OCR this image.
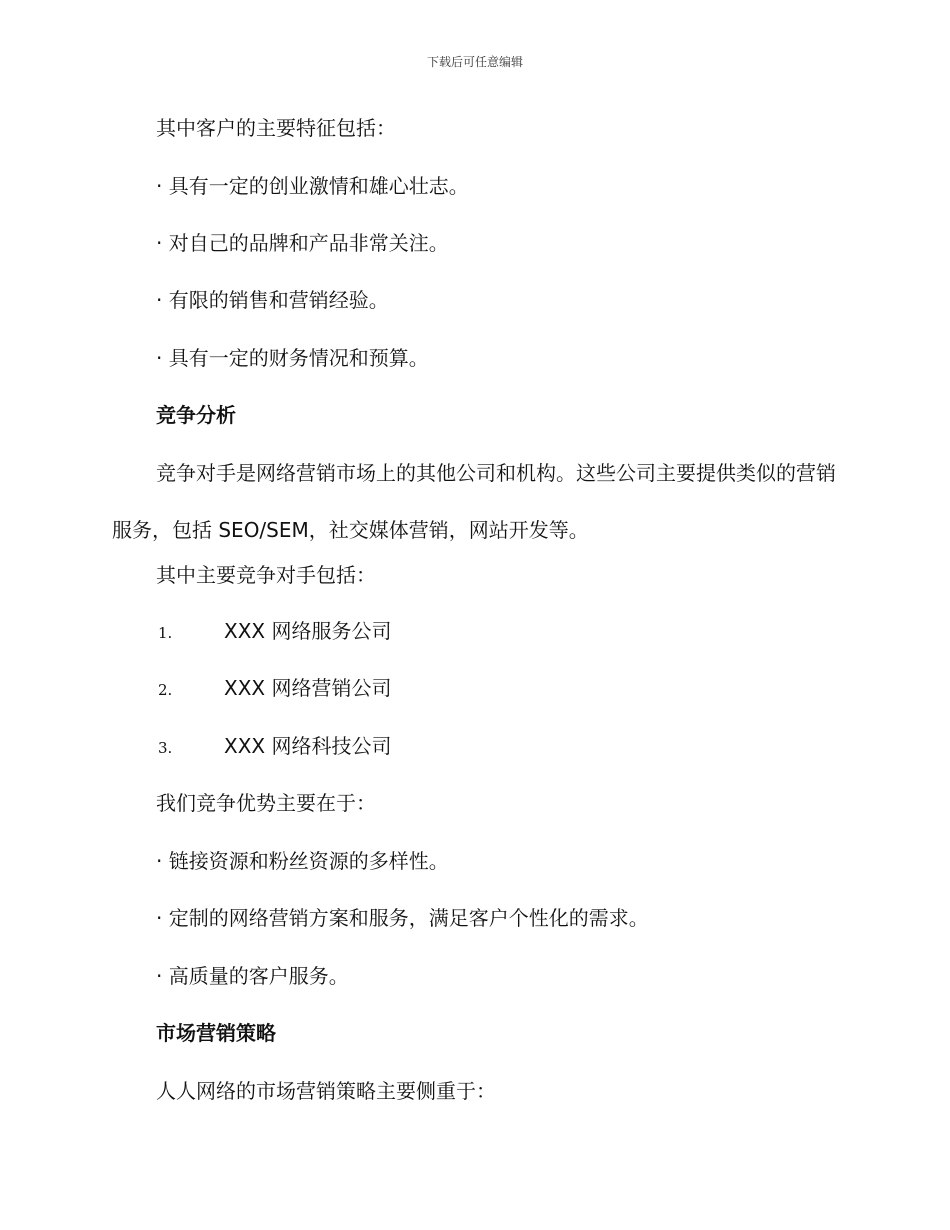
下载后可任意编辑
其中客户的主要特征包括：
· 具有一定的创业激情和雄心壮志。
· 对自己的品牌和产品非常关注。
· 有限的销售和营销经验。
· 具有一定的财务情况和预算。
竞争分析
竞争对手是网络营销市场上的其他公司和机构。这些公司主要提供类似的营销服务，包括 SEO/SEM，社交媒体营销，网站开发等。
其中主要竞争对手包括：
1.	XXX 网络服务公司
2.	XXX 网络营销公司
3.	XXX 网络科技公司
我们竞争优势主要在于：
· 链接资源和粉丝资源的多样性。
· 定制的网络营销方案和服务，满足客户个性化的需求。
· 高质量的客户服务。
市场营销策略
人人网络的市场营销策略主要侧重于：
